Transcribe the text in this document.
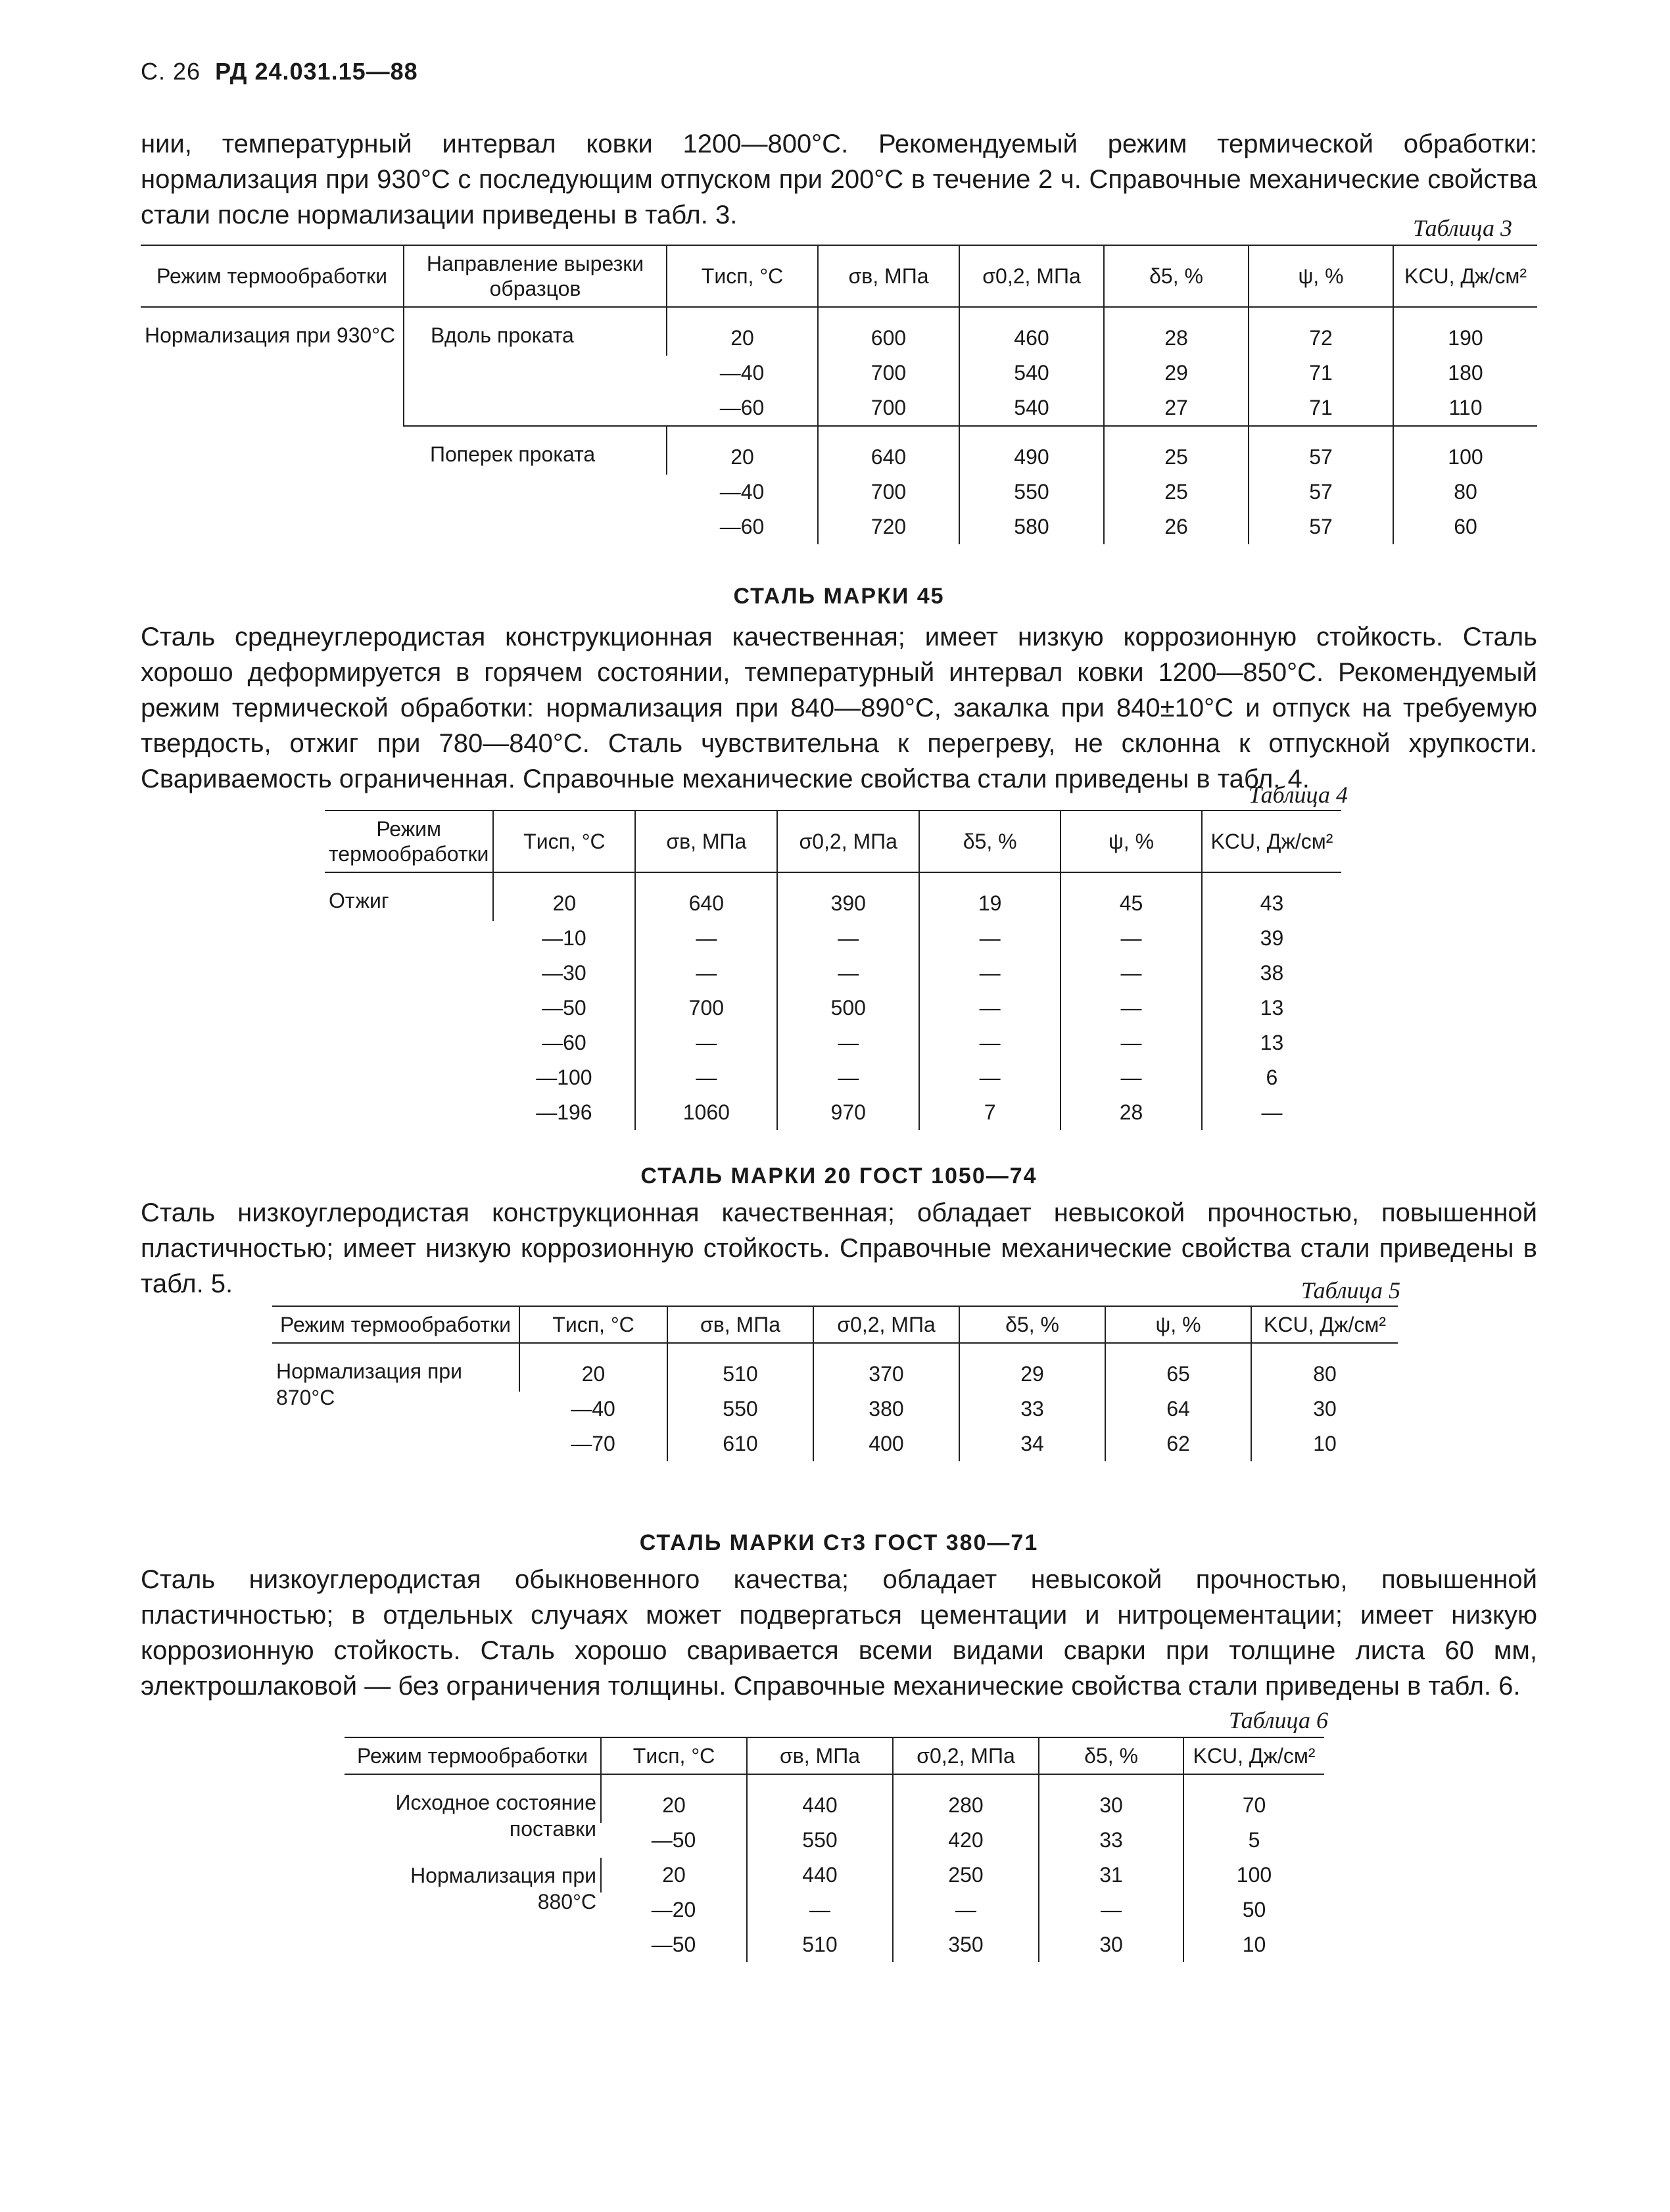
С. 26 РД 24.031.15—88

нии, температурный интервал ковки 1200—800°С. Рекомендуемый режим термической обработки: нормализация при 930°С с последующим отпуском при 200°С в течение 2 ч. Справочные механические свойства стали после нормализации приведены в табл. 3.	Таблица 3

Режим термообработки	Направление вырезки образцов	Tисп, °С	σв, МПа	σ0,2, МПа	δ5, %	ψ, %	KCU, Дж/см²
Нормализация при 930°С	Вдоль проката	20	600	460	28	72	190
		—40	700	540	29	71	180
		—60	700	540	27	71	110
	Поперек проката	20	640	490	25	57	100
		—40	700	550	25	57	80
		—60	720	580	26	57	60

СТАЛЬ МАРКИ 45

Сталь среднеуглеродистая конструкционная качественная; имеет низкую коррозионную стойкость. Сталь хорошо деформируется в горячем состоянии, температурный интервал ковки 1200—850°С. Рекомендуемый режим термической обработки: нормализация при 840—890°С, закалка при 840±10°С и отпуск на требуемую твердость, отжиг при 780—840°С. Сталь чувствительна к перегреву, не склонна к отпускной хрупкости. Свариваемость ограниченная. Справочные механические свойства стали приведены в табл. 4.

Таблица 4

Режим термообработки	Tисп, °С	σв, МПа	σ0,2, МПа	δ5, %	ψ, %	KCU, Дж/см²
Отжиг	20	640	390	19	45	43
	—10	—	—	—	—	39
	—30	—	—	—	—	38
	—50	700	500	—	—	13
	—60	—	—	—	—	13
	—100	—	—	—	—	6
	—196	1060	970	7	28	—

СТАЛЬ МАРКИ 20 ГОСТ 1050—74

Сталь низкоуглеродистая конструкционная качественная; обладает невысокой прочностью, повышенной пластичностью; имеет низкую коррозионную стойкость. Справочные механические свойства стали приведены в табл. 5.	Таблица 5

Режим термообработки	Tисп, °С	σв, МПа	σ0,2, МПа	δ5, %	ψ, %	KCU, Дж/см²
Нормализация при 870°С	20	510	370	29	65	80
	—40	550	380	33	64	30
	—70	610	400	34	62	10

СТАЛЬ МАРКИ Ст3 ГОСТ 380—71

Сталь низкоуглеродистая обыкновенного качества; обладает невысокой прочностью, повышенной пластичностью; в отдельных случаях может подвергаться цементации и нитроцементации; имеет низкую коррозионную стойкость. Сталь хорошо сваривается всеми видами сварки при толщине листа 60 мм, электрошлаковой — без ограничения толщины. Справочные механические свойства стали приведены в табл. 6.

Таблица 6

Режим термообработки	Tисп, °С	σв, МПа	σ0,2, МПа	δ5, %	KCU, Дж/см²
Исходное состояние поставки	20	440	280	30	70
	—50	550	420	33	5
Нормализация при 880°С	20	440	250	31	100
	—20	—	—	—	50
	—50	510	350	30	10
